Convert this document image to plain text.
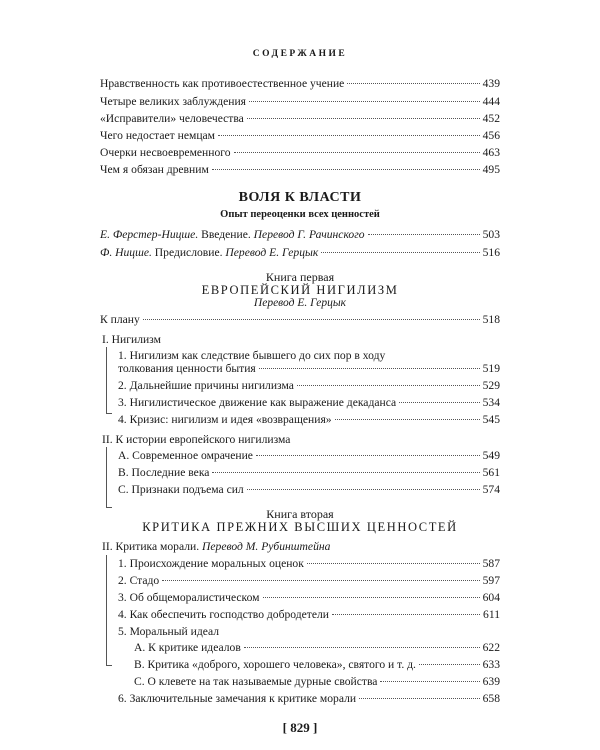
СОДЕРЖАНИЕ
Нравственность как противоестественное учение	439
Четыре великих заблуждения	444
«Исправители» человечества	452
Чего недостает немцам	456
Очерки несвоевременного	463
Чем я обязан древним	495
ВОЛЯ К ВЛАСТИ
Опыт переоценки всех ценностей
Е. Ферстер-Ницше. Введение. Перевод Г. Рачинского	503
Ф. Ницше. Предисловие. Перевод Е. Герцык	516
Книга первая
ЕВРОПЕЙСКИЙ НИГИЛИЗМ
Перевод Е. Герцык
К плану	518
I. Нигилизм
1. Нигилизм как следствие бывшего до сих пор в ходу
толкования ценности бытия	519
2. Дальнейшие причины нигилизма	529
3. Нигилистическое движение как выражение декаданса	534
4. Кризис: нигилизм и идея «возвращения»	545
II. К истории европейского нигилизма
А. Современное омрачение	549
B. Последние века	561
C. Признаки подъема сил	574
Книга вторая
КРИТИКА ПРЕЖНИХ ВЫСШИХ ЦЕННОСТЕЙ
II. Критика морали. Перевод М. Рубинштейна
1. Происхождение моральных оценок	587
2. Стадо	597
3. Об общеморалистическом	604
4. Как обеспечить господство добродетели	611
5. Моральный идеал
А. К критике идеалов	622
B. Критика «доброго, хорошего человека», святого и т. д.	633
C. О клевете на так называемые дурные свойства	639
6. Заключительные замечания к критике морали	658
[ 829 ]
